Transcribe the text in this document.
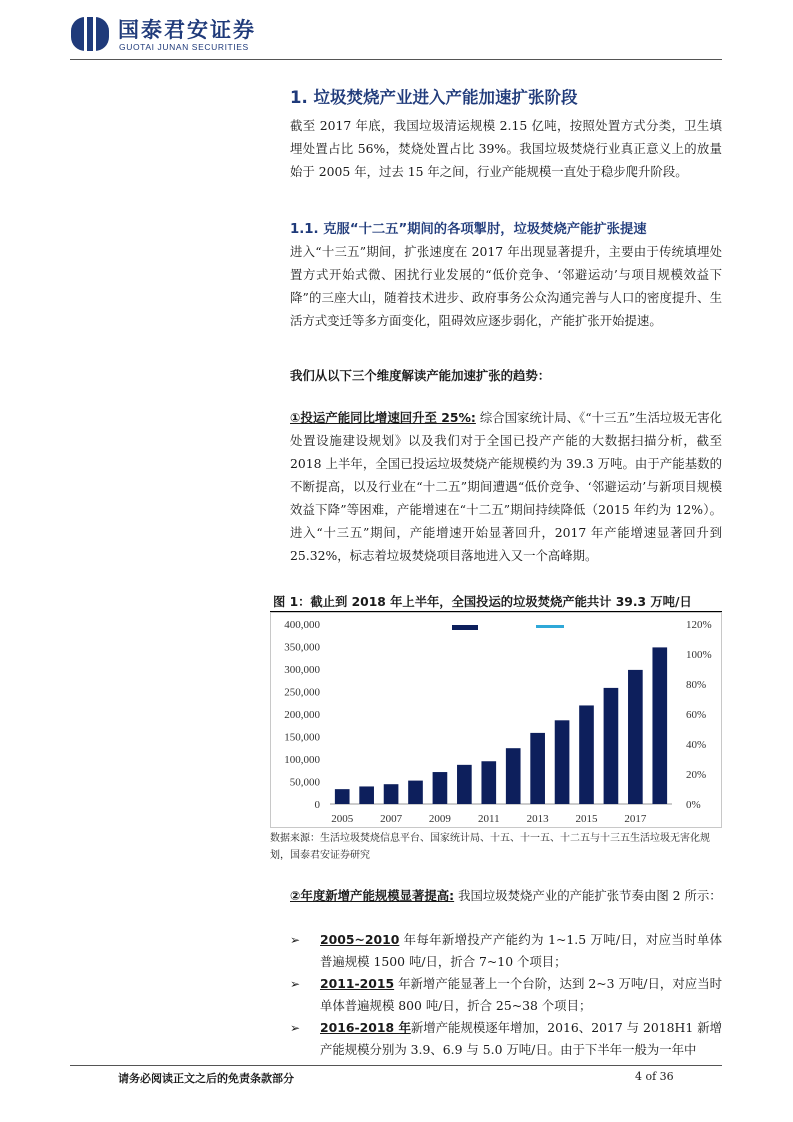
国泰君安证券
GUOTAI JUNAN SECURITIES
1. 垃圾焚烧产业进入产能加速扩张阶段
截至 2017 年底，我国垃圾清运规模 2.15 亿吨，按照处置方式分类，卫生填埋处置占比 56%，焚烧处置占比 39%。我国垃圾焚烧行业真正意义上的放量始于 2005 年，过去 15 年之间，行业产能规模一直处于稳步爬升阶段。
1.1. 克服“十二五”期间的各项掣肘，垃圾焚烧产能扩张提速
进入“十三五”期间，扩张速度在 2017 年出现显著提升，主要由于传统填埋处置方式开始式微、困扰行业发展的“低价竞争、‘邻避运动’与项目规模效益下降”的三座大山，随着技术进步、政府事务公众沟通完善与人口的密度提升、生活方式变迁等多方面变化，阻碍效应逐步弱化，产能扩张开始提速。
我们从以下三个维度解读产能加速扩张的趋势：
①投运产能同比增速回升至 25%: 综合国家统计局、《“十三五”生活垃圾无害化处置设施建设规划》以及我们对于全国已投产产能的大数据扫描分析，截至 2018 上半年，全国已投运垃圾焚烧产能规模约为 39.3 万吨。由于产能基数的不断提高，以及行业在“十二五”期间遭遇“低价竞争、‘邻避运动’与新项目规模效益下降”等困难，产能增速在“十二五”期间持续降低（2015 年约为 12%）。进入“十三五”期间，产能增速开始显著回升，2017 年产能增速显著回升到 25.32%，标志着垃圾焚烧项目落地进入又一个高峰期。
图 1：截止到 2018 年上半年，全国投运的垃圾焚烧产能共计 39.3 万吨/日
0
50,000
100,000
150,000
200,000
250,000
300,000
350,000
400,000
0%
20%
40%
60%
80%
100%
120%
2005 2007 2009 2011 2013 2015 2017
数据来源：生活垃圾焚烧信息平台、国家统计局、十五、十一五、十二五与十三五生活垃圾无害化规划，国泰君安证券研究
②年度新增产能规模显著提高: 我国垃圾焚烧产业的产能扩张节奏由图 2 所示：
➢ 2005~2010 年每年新增投产产能约为 1~1.5 万吨/日，对应当时单体普遍规模 1500 吨/日，折合 7~10 个项目；
➢ 2011-2015 年新增产能显著上一个台阶，达到 2~3 万吨/日，对应当时单体普遍规模 800 吨/日，折合 25~38 个项目；
➢ 2016-2018 年新增产能规模逐年增加，2016、2017 与 2018H1 新增产能规模分别为 3.9、6.9 与 5.0 万吨/日。由于下半年一般为一年中
请务必阅读正文之后的免责条款部分	4 of 36
